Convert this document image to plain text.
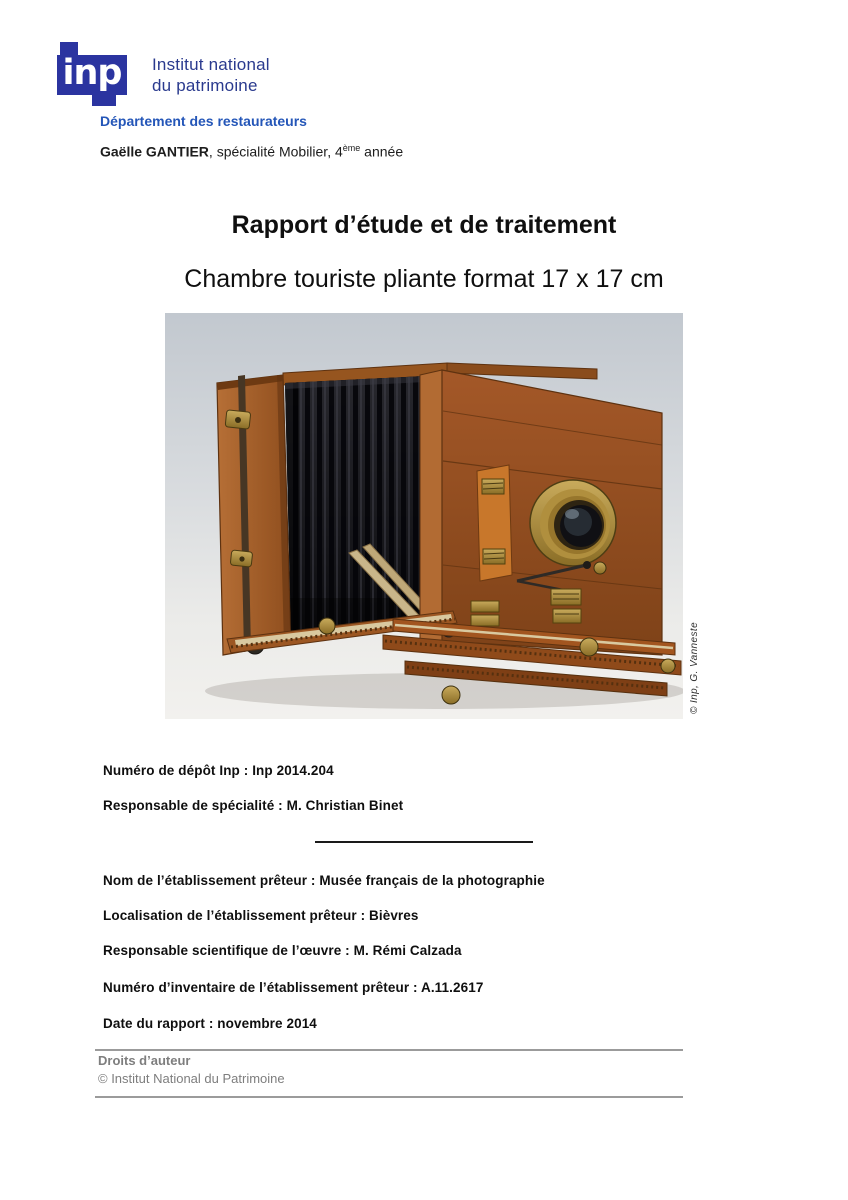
inp	Institut national
du patrimoine
Département des restaurateurs
Gaëlle GANTIER, spécialité Mobilier, 4ème année
Rapport d’étude et de traitement
Chambre touriste pliante format 17 x 17 cm
© Inp, G. Vanneste
Numéro de dépôt Inp : Inp 2014.204
Responsable de spécialité : M. Christian Binet
Nom de l’établissement prêteur : Musée français de la photographie
Localisation de l’établissement prêteur : Bièvres
Responsable scientifique de l’œuvre : M. Rémi Calzada
Numéro d’inventaire de l’établissement prêteur : A.11.2617
Date du rapport : novembre 2014
Droits d’auteur
© Institut National du Patrimoine
